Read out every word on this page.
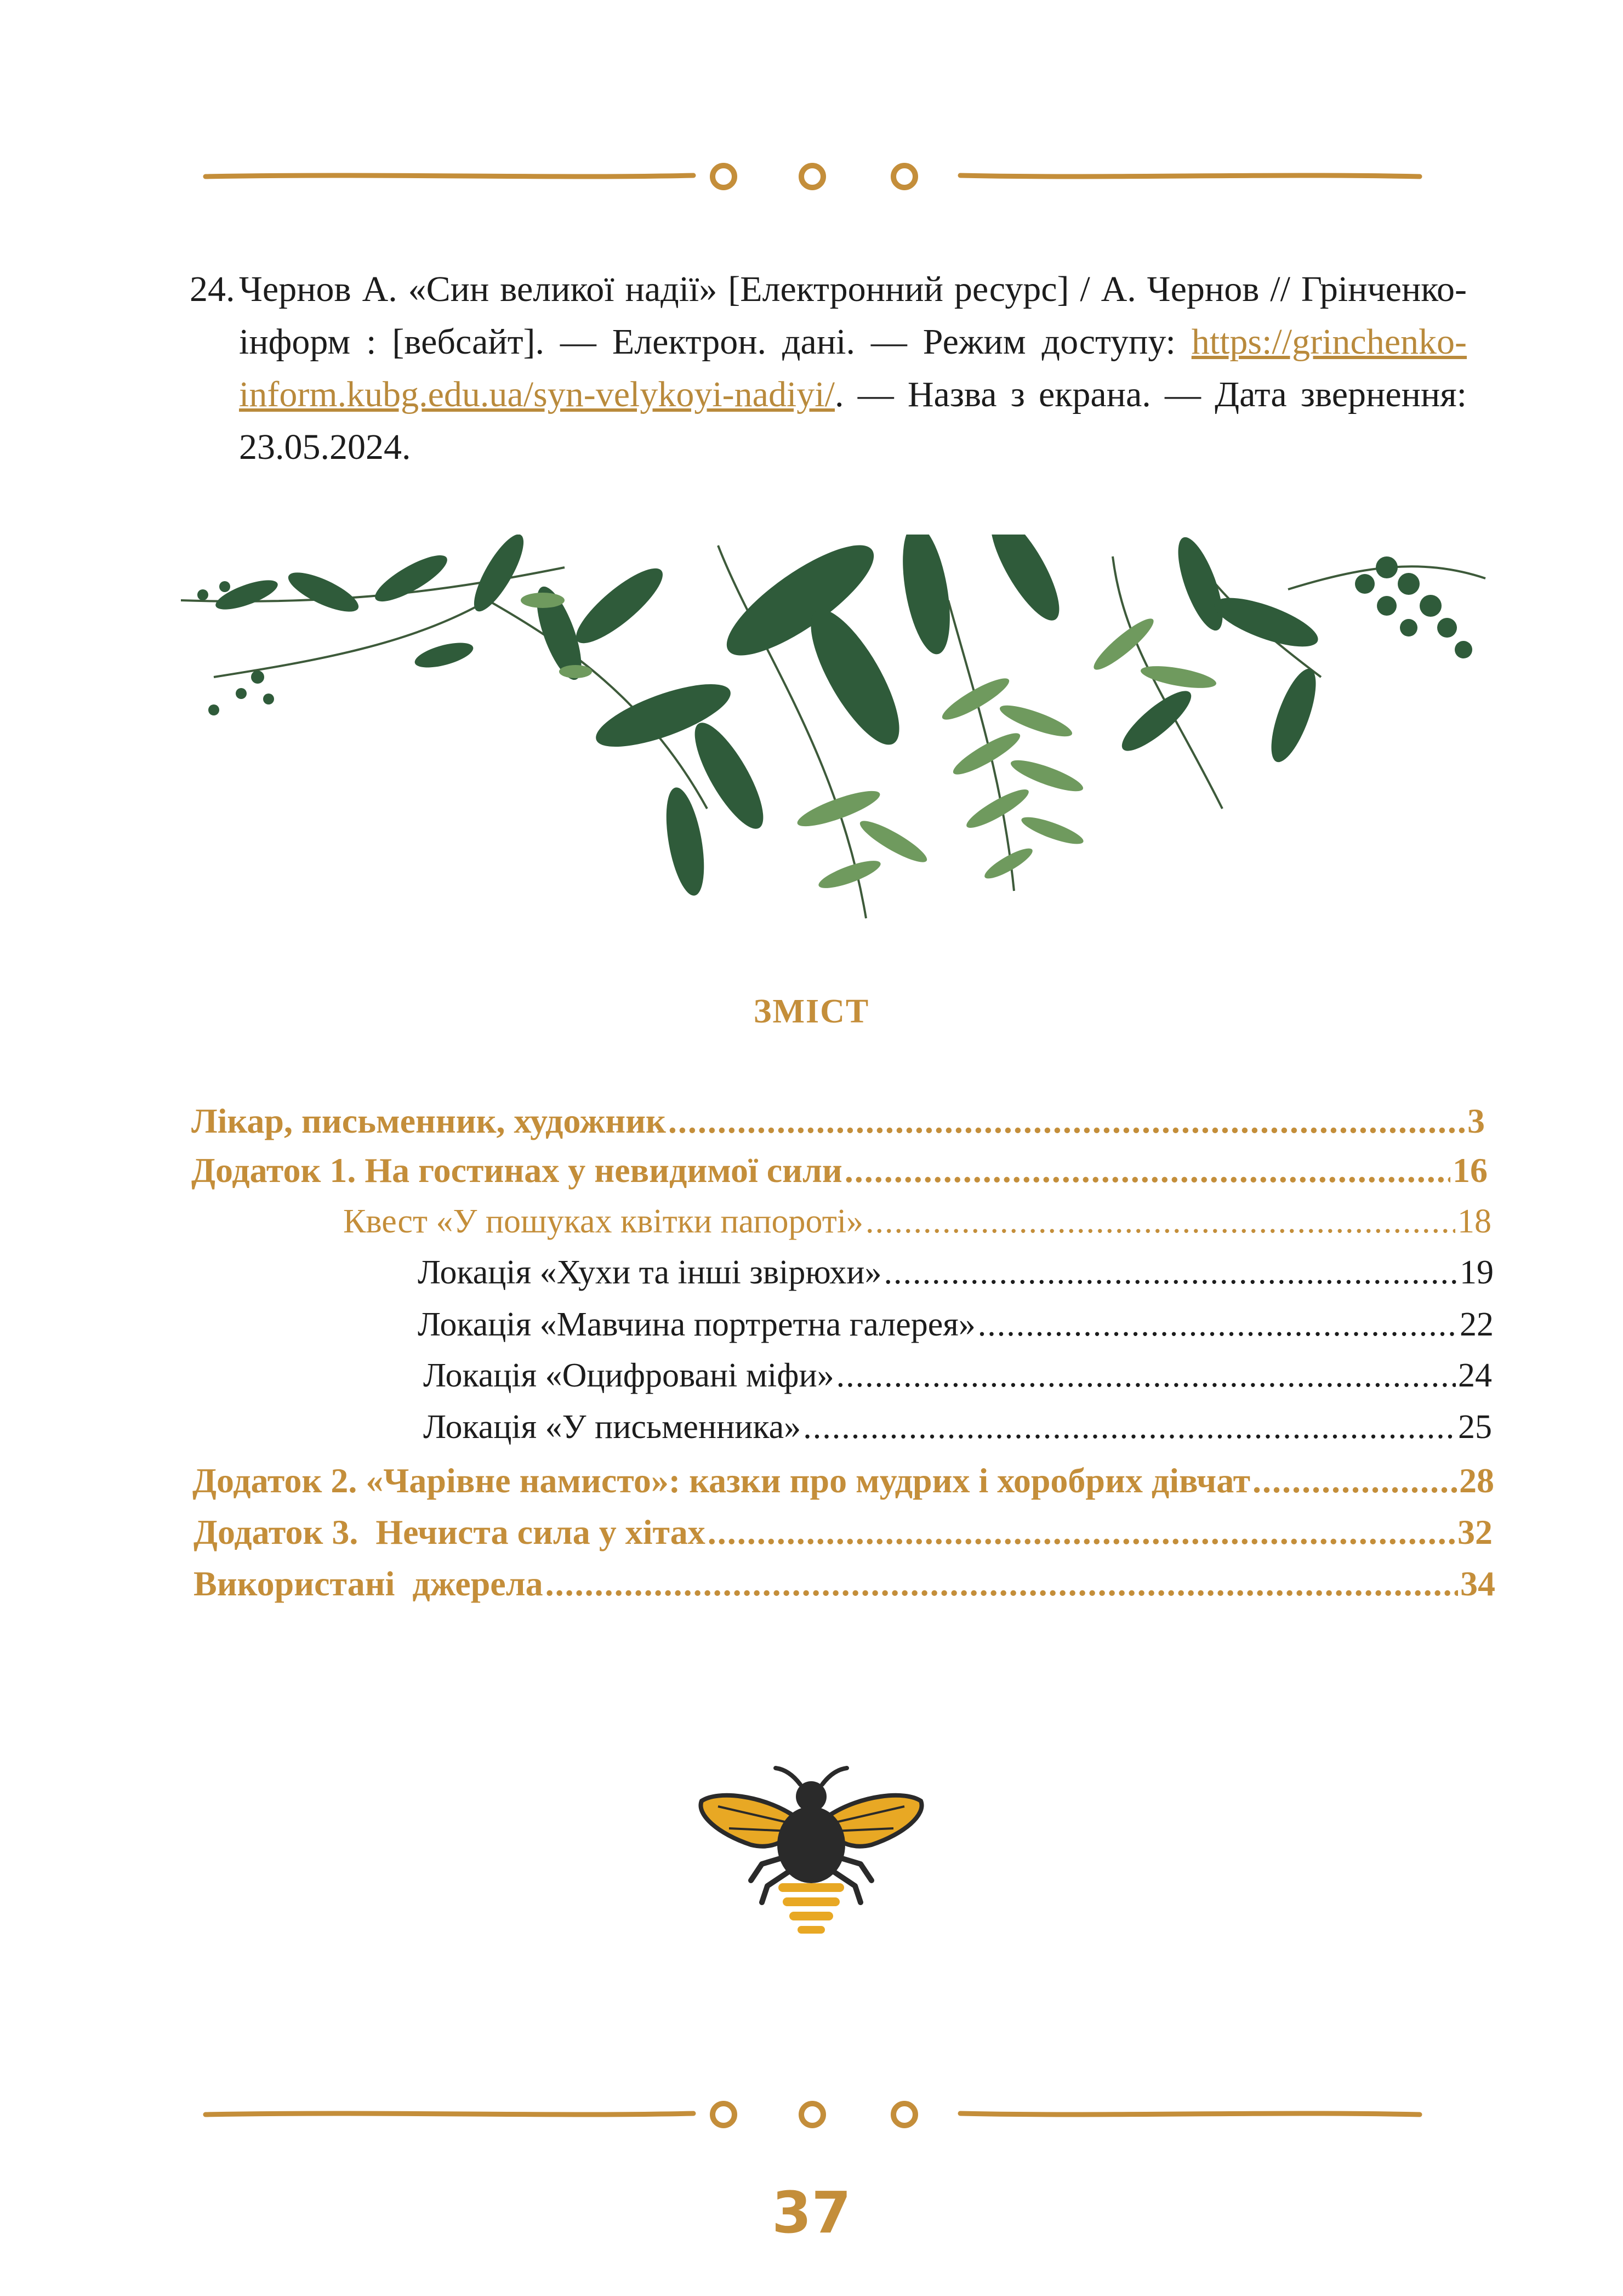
24. Чернов А. «Син великої надії» [Електронний ресурс] / А. Чернов // Грінченко-інформ : [вебсайт]. — Електрон. дані. — Режим доступу: https://grinchenko-inform.kubg.edu.ua/syn-velykoyi-nadiyi/. — Назва з екрана. — Дата звернення: 23.05.2024.
ЗМІСТ
Лікар, письменник, художник .....	3
Додаток 1. На гостинах у невидимої сили .....	16
Квест «У пошуках квітки папороті» .....	18
Локація «Хухи та інші звірюхи» .....	19
Локація «Мавчина портретна галерея» .....	22
Локація «Оцифровані міфи» .....	24
Локація «У письменника» .....	25
Додаток 2. «Чарівне намисто»: казки про мудрих і хоробрих дівчат .....	28
Додаток 3.  Нечиста сила у хітах .....	32
Використані  джерела .....	34
37
